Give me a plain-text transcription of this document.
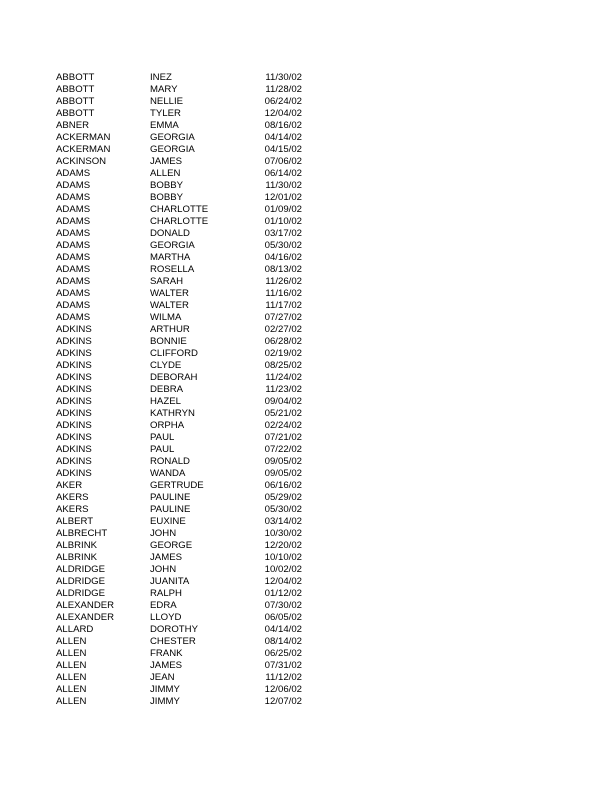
ABBOTT	INEZ	11/30/02
ABBOTT	MARY	11/28/02
ABBOTT	NELLIE	06/24/02
ABBOTT	TYLER	12/04/02
ABNER	EMMA	08/16/02
ACKERMAN	GEORGIA	04/14/02
ACKERMAN	GEORGIA	04/15/02
ACKINSON	JAMES	07/06/02
ADAMS	ALLEN	06/14/02
ADAMS	BOBBY	11/30/02
ADAMS	BOBBY	12/01/02
ADAMS	CHARLOTTE	01/09/02
ADAMS	CHARLOTTE	01/10/02
ADAMS	DONALD	03/17/02
ADAMS	GEORGIA	05/30/02
ADAMS	MARTHA	04/16/02
ADAMS	ROSELLA	08/13/02
ADAMS	SARAH	11/26/02
ADAMS	WALTER	11/16/02
ADAMS	WALTER	11/17/02
ADAMS	WILMA	07/27/02
ADKINS	ARTHUR	02/27/02
ADKINS	BONNIE	06/28/02
ADKINS	CLIFFORD	02/19/02
ADKINS	CLYDE	08/25/02
ADKINS	DEBORAH	11/24/02
ADKINS	DEBRA	11/23/02
ADKINS	HAZEL	09/04/02
ADKINS	KATHRYN	05/21/02
ADKINS	ORPHA	02/24/02
ADKINS	PAUL	07/21/02
ADKINS	PAUL	07/22/02
ADKINS	RONALD	09/05/02
ADKINS	WANDA	09/05/02
AKER	GERTRUDE	06/16/02
AKERS	PAULINE	05/29/02
AKERS	PAULINE	05/30/02
ALBERT	EUXINE	03/14/02
ALBRECHT	JOHN	10/30/02
ALBRINK	GEORGE	12/20/02
ALBRINK	JAMES	10/10/02
ALDRIDGE	JOHN	10/02/02
ALDRIDGE	JUANITA	12/04/02
ALDRIDGE	RALPH	01/12/02
ALEXANDER	EDRA	07/30/02
ALEXANDER	LLOYD	06/05/02
ALLARD	DOROTHY	04/14/02
ALLEN	CHESTER	08/14/02
ALLEN	FRANK	06/25/02
ALLEN	JAMES	07/31/02
ALLEN	JEAN	11/12/02
ALLEN	JIMMY	12/06/02
ALLEN	JIMMY	12/07/02
